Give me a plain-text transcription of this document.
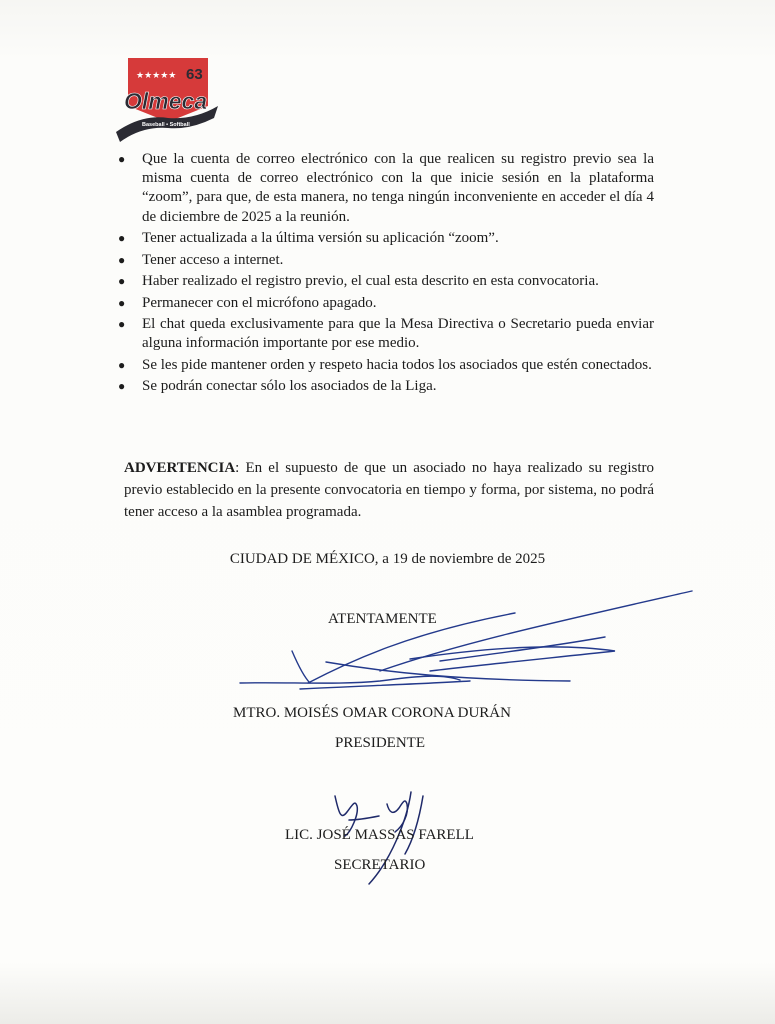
★★★★★ 63
Olmeca
Baseball • Softball
● Que la cuenta de correo electrónico con la que realicen su registro previo sea la misma cuenta de correo electrónico con la que inicie sesión en la plataforma “zoom”, para que, de esta manera, no tenga ningún inconveniente en acceder el día 4 de diciembre de 2025 a la reunión.
● Tener actualizada a la última versión su aplicación “zoom”.
● Tener acceso a internet.
● Haber realizado el registro previo, el cual esta descrito en esta convocatoria.
● Permanecer con el micrófono apagado.
● El chat queda exclusivamente para que la Mesa Directiva o Secretario pueda enviar alguna información importante por ese medio.
● Se les pide mantener orden y respeto hacia todos los asociados que estén conectados.
● Se podrán conectar sólo los asociados de la Liga.

ADVERTENCIA: En el supuesto de que un asociado no haya realizado su registro previo establecido en la presente convocatoria en tiempo y forma, por sistema, no podrá tener acceso a la asamblea programada.

CIUDAD DE MÉXICO, a 19 de noviembre de 2025

ATENTAMENTE

MTRO. MOISÉS OMAR CORONA DURÁN

PRESIDENTE

LIC. JOSÉ MASSAS FARELL

SECRETARIO
